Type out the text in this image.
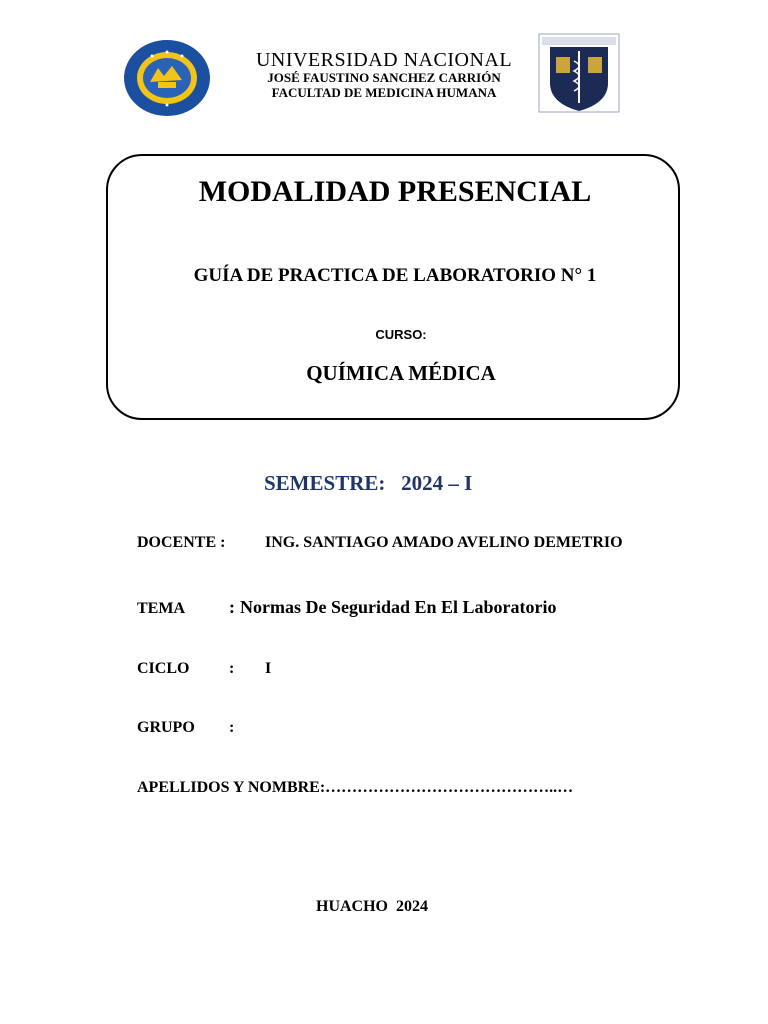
UNIVERSIDAD NACIONAL
JOSÉ FAUSTINO SANCHEZ CARRIÓN
FACULTAD DE MEDICINA HUMANA
MODALIDAD PRESENCIAL
GUÍA DE PRACTICA DE LABORATORIO N° 1
CURSO:
QUÍMICA MÉDICA
SEMESTRE: 2024 – I
DOCENTE : ING. SANTIAGO AMADO AVELINO DEMETRIO
TEMA : Normas De Seguridad En El Laboratorio
CICLO : I
GRUPO :
APELLIDOS Y NOMBRE:……………………………………..…
HUACHO  2024
